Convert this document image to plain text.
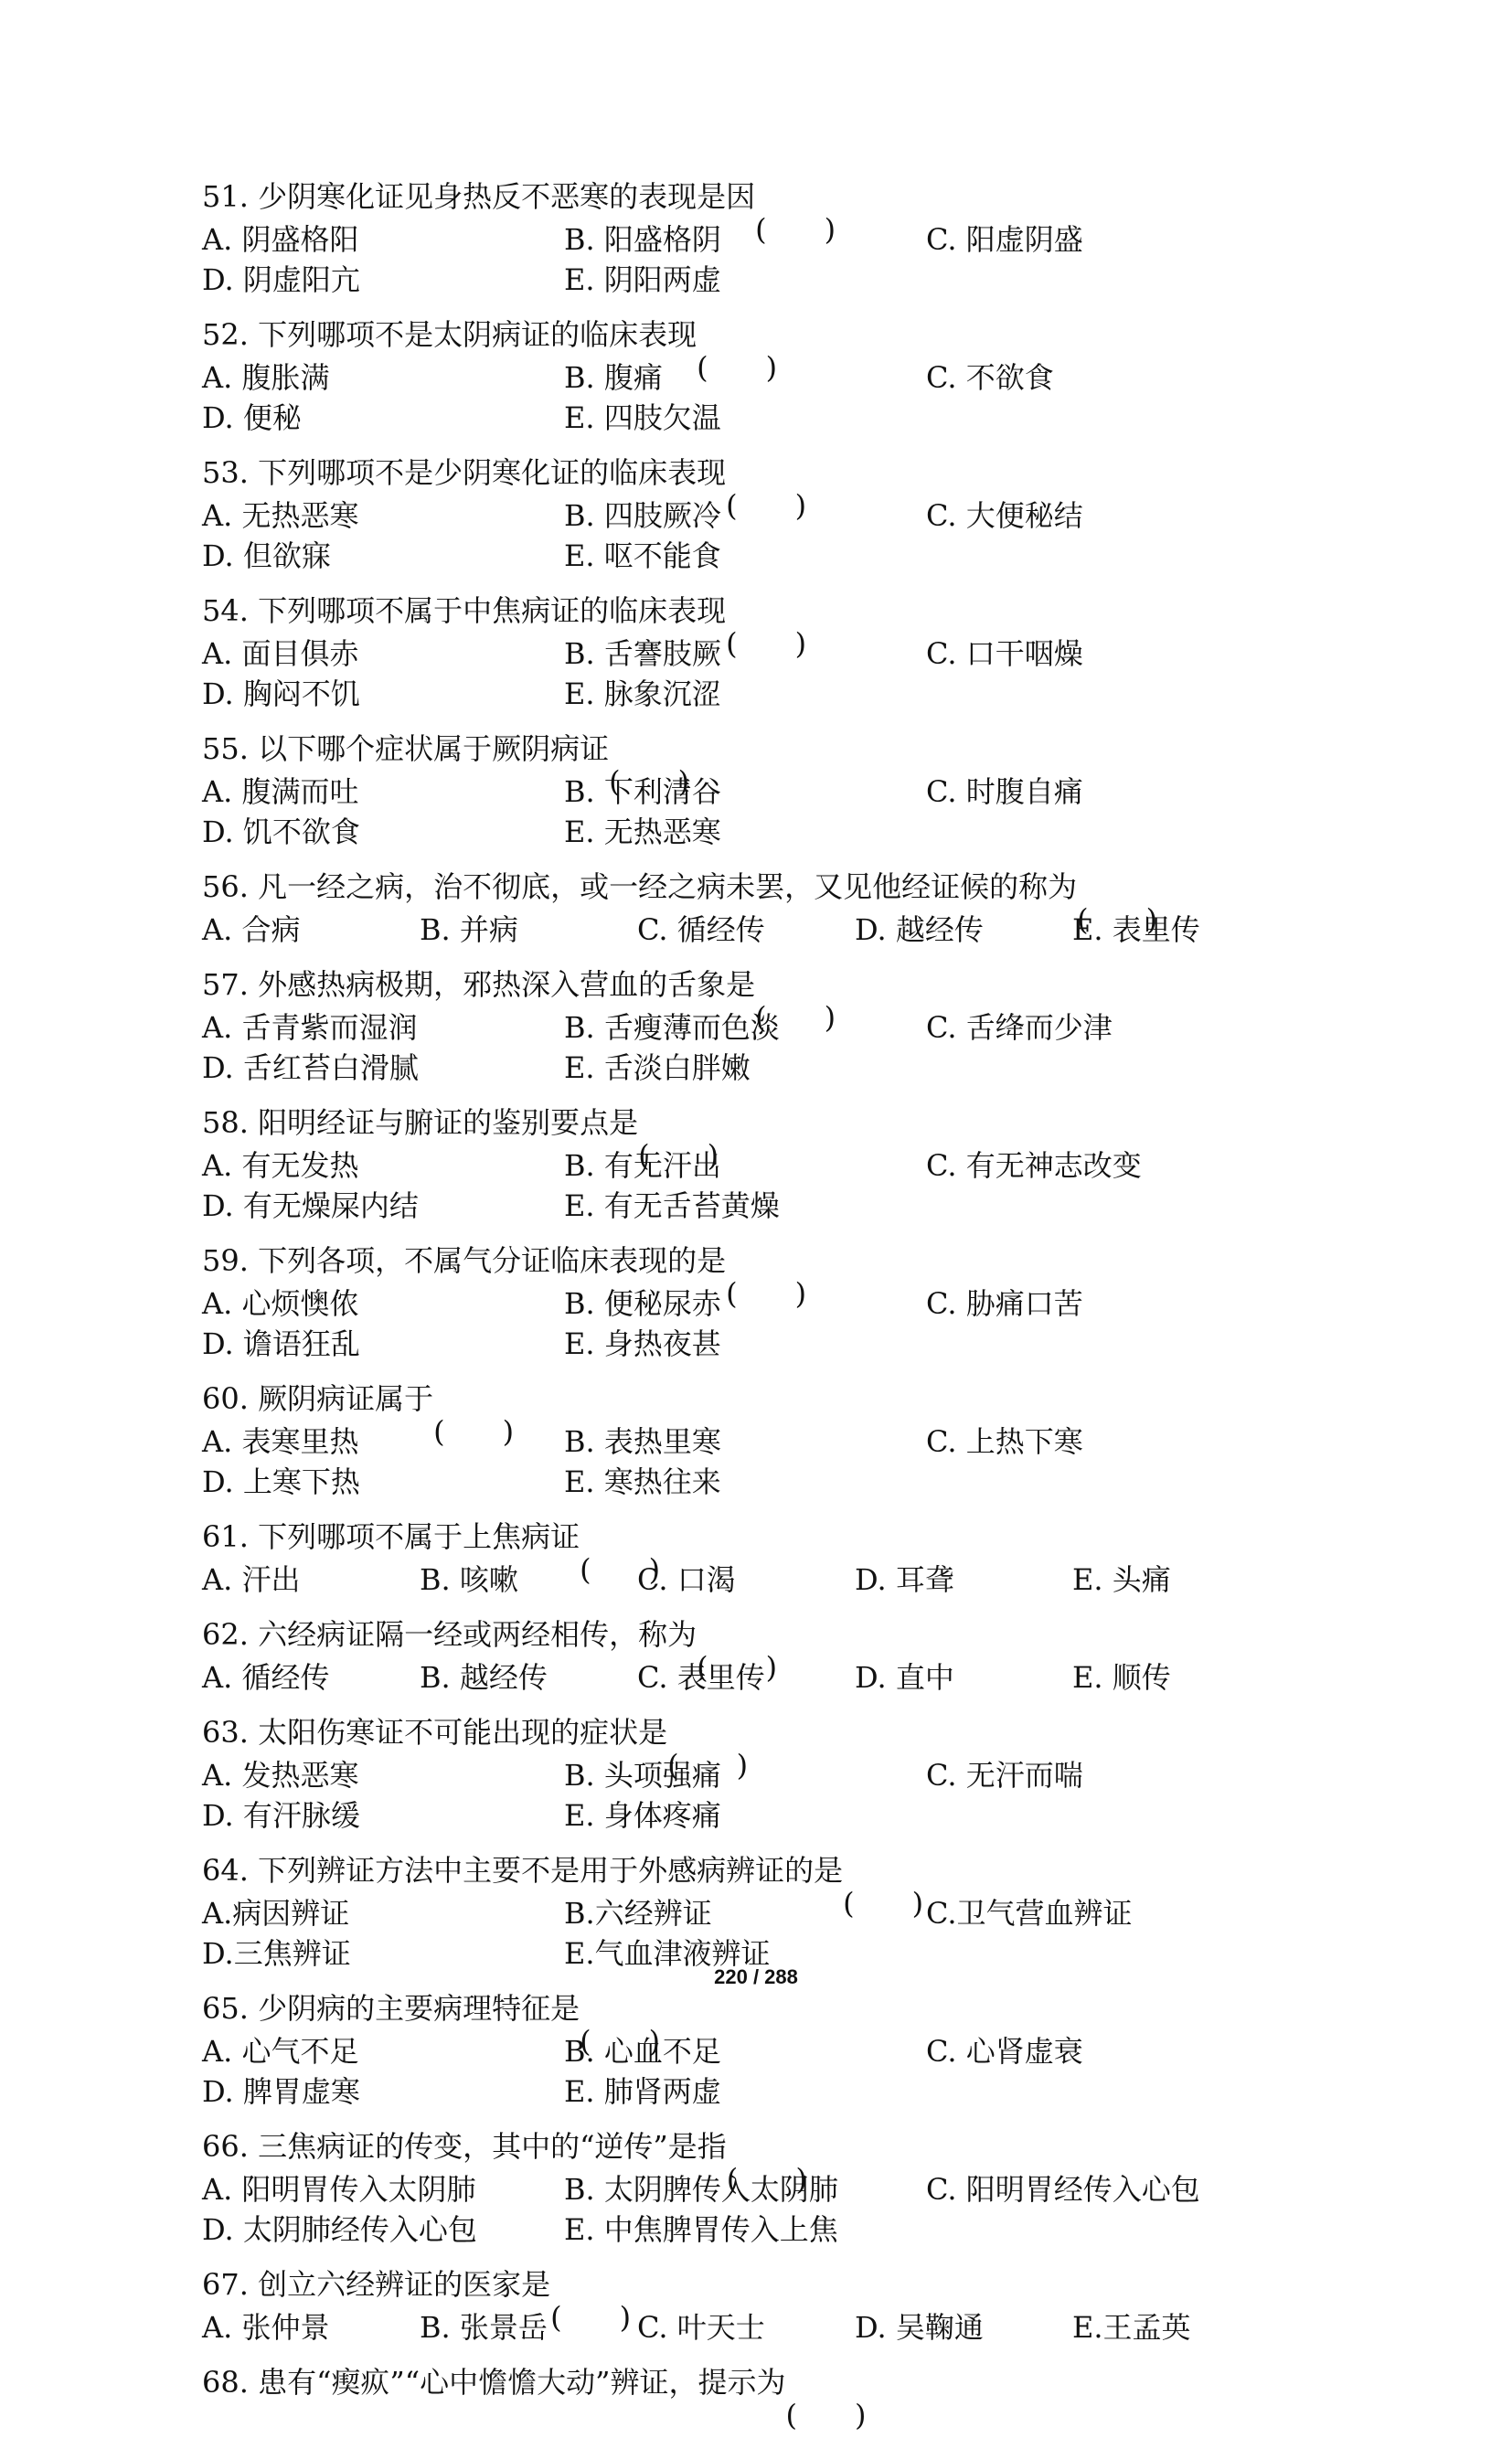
51. 少阴寒化证见身热反不恶寒的表现是因
A. 阴盛格阳	B. 阳盛格阴	C. 阳虚阴盛
D. 阴虚阳亢	E. 阴阳两虚
52. 下列哪项不是太阴病证的临床表现
A. 腹胀满	B. 腹痛	C. 不欲食
D. 便秘	E. 四肢欠温
53. 下列哪项不是少阴寒化证的临床表现
A. 无热恶寒	B. 四肢厥冷	C. 大便秘结
D. 但欲寐	E. 呕不能食
54. 下列哪项不属于中焦病证的临床表现
A. 面目俱赤	B. 舌謇肢厥	C. 口干咽燥
D. 胸闷不饥	E. 脉象沉涩
55. 以下哪个症状属于厥阴病证
A. 腹满而吐	B. 下利清谷	C. 时腹自痛
D. 饥不欲食	E. 无热恶寒
56. 凡一经之病，治不彻底，或一经之病未罢，又见他经证候的称为
A. 合病	B. 并病	C. 循经传	D. 越经传	E. 表里传
57. 外感热病极期，邪热深入营血的舌象是
A. 舌青紫而湿润	B. 舌瘦薄而色淡	C. 舌绛而少津
D. 舌红苔白滑腻	E. 舌淡白胖嫩
58. 阳明经证与腑证的鉴别要点是
A. 有无发热	B. 有无汗出	C. 有无神志改变
D. 有无燥屎内结	E. 有无舌苔黄燥
59. 下列各项，不属气分证临床表现的是
A. 心烦懊侬	B. 便秘尿赤	C. 胁痛口苦
D. 谵语狂乱	E. 身热夜甚
60. 厥阴病证属于
A. 表寒里热	B. 表热里寒	C. 上热下寒
D. 上寒下热	E. 寒热往来
61. 下列哪项不属于上焦病证
A. 汗出	B. 咳嗽	C. 口渴	D. 耳聋	E. 头痛
62. 六经病证隔一经或两经相传，称为
A. 循经传	B. 越经传	C. 表里传	D. 直中	E. 顺传
63. 太阳伤寒证不可能出现的症状是
A. 发热恶寒	B. 头项强痛	C. 无汗而喘
D. 有汗脉缓	E. 身体疼痛
64. 下列辨证方法中主要不是用于外感病辨证的是
A.病因辨证	B.六经辨证	C.卫气营血辨证
D.三焦辨证	E.气血津液辨证
65. 少阴病的主要病理特征是
A. 心气不足	B. 心血不足	C. 心肾虚衰
D. 脾胃虚寒	E. 肺肾两虚
66. 三焦病证的传变，其中的“逆传”是指
A. 阳明胃传入太阴肺	B. 太阴脾传入太阴肺	C. 阳明胃经传入心包
D. 太阴肺经传入心包	E. 中焦脾胃传入上焦
67. 创立六经辨证的医家是
A. 张仲景	B. 张景岳	C. 叶天士	D. 吴鞠通	E.王孟英
68. 患有“瘈疭”“心中憺憺大动”辨证，提示为
220 / 288
